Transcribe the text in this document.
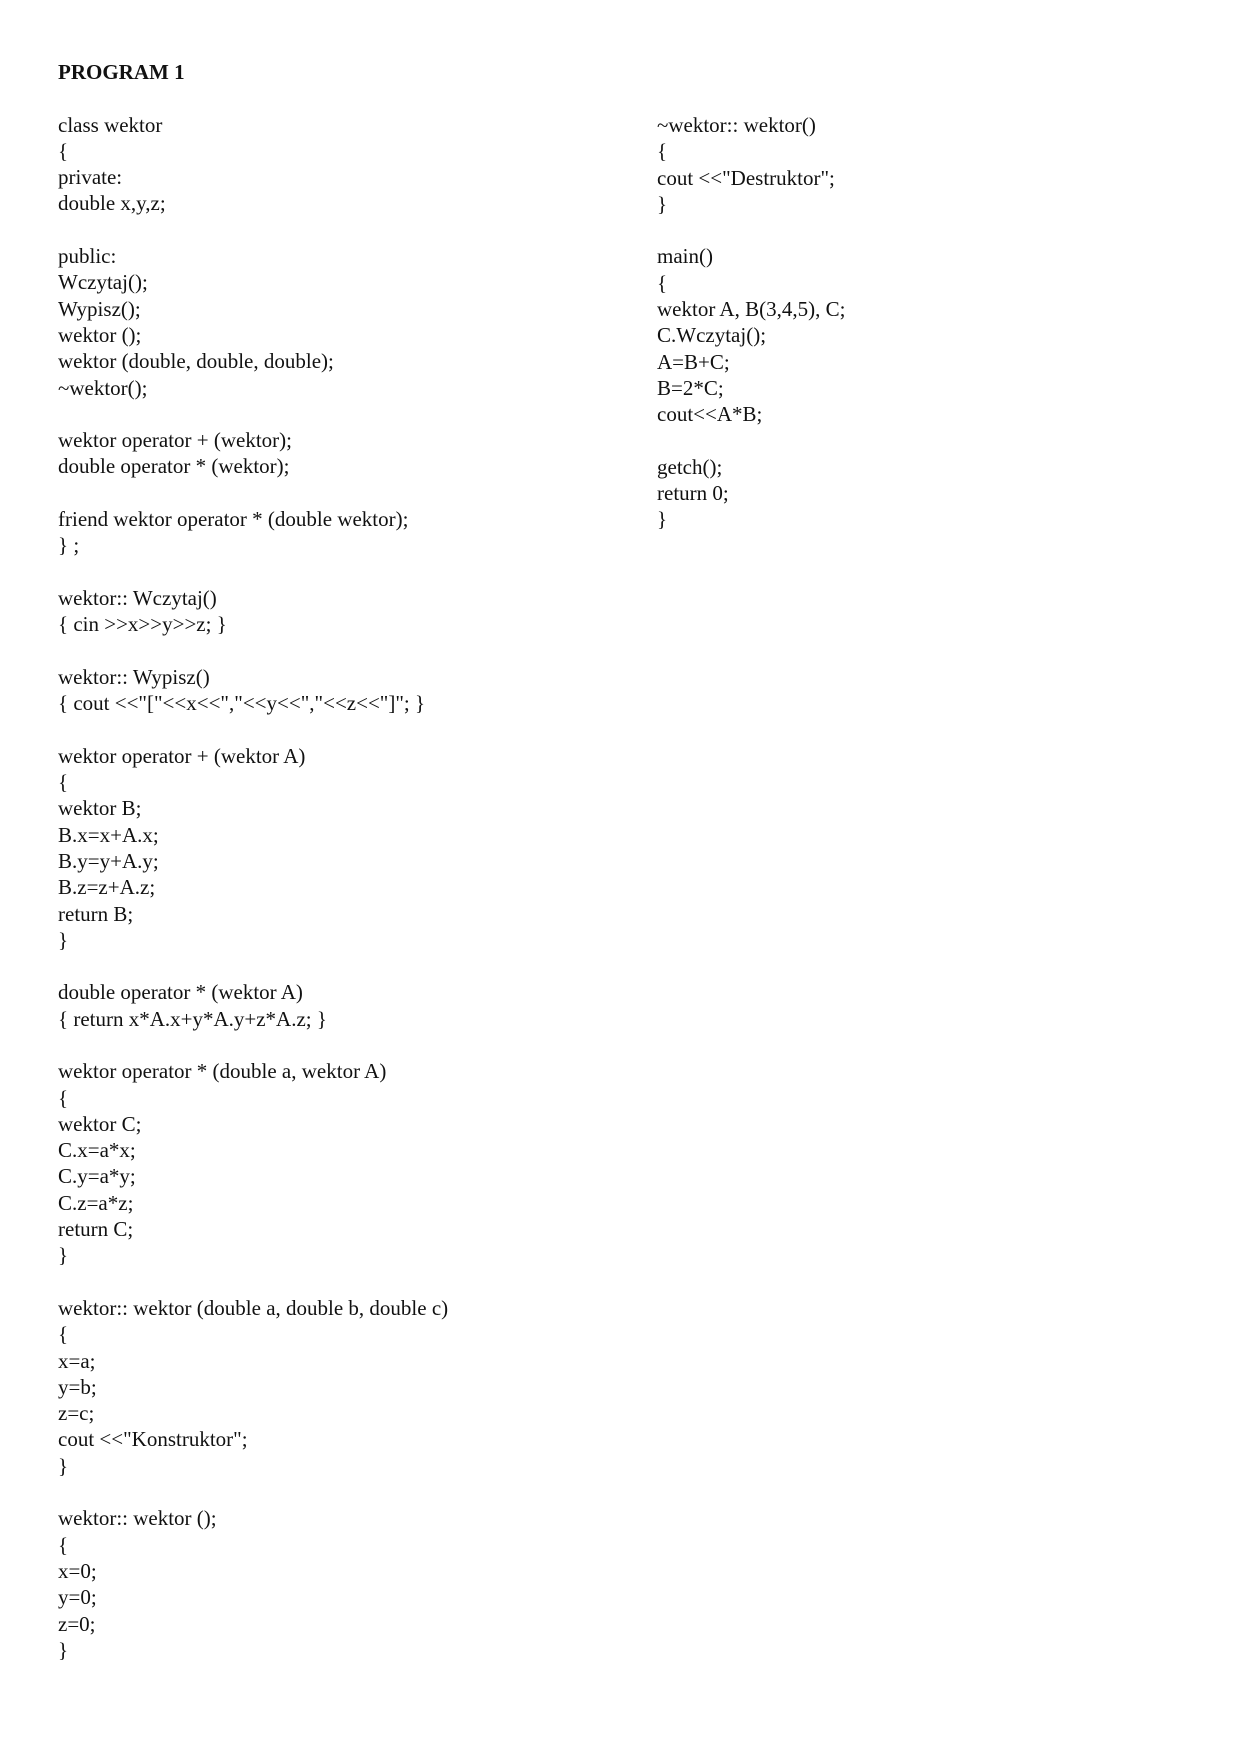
PROGRAM 1
class wektor
{
private:
double x,y,z;
public:
Wczytaj();
Wypisz();
wektor ();
wektor (double, double, double);
~wektor();
wektor operator + (wektor);
double operator * (wektor);
friend wektor operator * (double wektor);
} ;
wektor:: Wczytaj()
{ cin >>x>>y>>z; }
wektor:: Wypisz()
{ cout <<"["<<x<<","<<y<<","<<z<<"]"; }
wektor operator + (wektor A)
{
wektor B;
B.x=x+A.x;
B.y=y+A.y;
B.z=z+A.z;
return B;
}
double operator * (wektor A)
{ return x*A.x+y*A.y+z*A.z; }
wektor operator * (double a, wektor A)
{
wektor C;
C.x=a*x;
C.y=a*y;
C.z=a*z;
return C;
}
wektor:: wektor (double a, double b, double c)
{
x=a;
y=b;
z=c;
cout <<"Konstruktor";
}
wektor:: wektor ();
{
x=0;
y=0;
z=0;
}
~wektor:: wektor()
{
cout <<"Destruktor";
}
main()
{
wektor A, B(3,4,5), C;
C.Wczytaj();
A=B+C;
B=2*C;
cout<<A*B;
getch();
return 0;
}
